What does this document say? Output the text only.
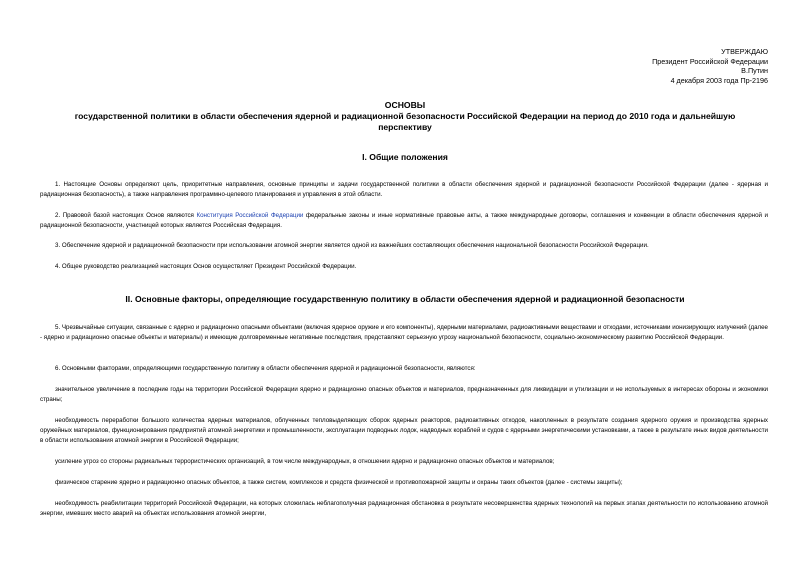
УТВЕРЖДАЮ
Президент Российской Федерации
В.Путин
4 декабря 2003 года Пр-2196
ОСНОВЫ
государственной политики в области обеспечения ядерной и радиационной безопасности Российской Федерации на период до 2010 года и дальнейшую перспективу
I. Общие положения
1. Настоящие Основы определяют цель, приоритетные направления, основные принципы и задачи государственной политики в области обеспечения ядерной и радиационной безопасности Российской Федерации (далее - ядерная и радиационная безопасность), а также направления программно-целевого планирования и управления в этой области.
2. Правовой базой настоящих Основ являются Конституция Российской Федерации федеральные законы и иные нормативные правовые акты, а также международные договоры, соглашения и конвенции в области обеспечения ядерной и радиационной безопасности, участницей которых является Российская Федерация.
3. Обеспечение ядерной и радиационной безопасности при использовании атомной энергии является одной из важнейших составляющих обеспечения национальной безопасности Российской Федерации.
4. Общее руководство реализацией настоящих Основ осуществляет Президент Российской Федерации.
II. Основные факторы, определяющие государственную политику в области обеспечения ядерной и радиационной безопасности
5. Чрезвычайные ситуации, связанные с ядерно и радиационно опасными объектами (включая ядерное оружие и его компоненты), ядерными материалами, радиоактивными веществами и отходами, источниками ионизирующих излучений (далее - ядерно и радиационно опасные объекты и материалы) и имеющие долговременные негативные последствия, представляют серьезную угрозу национальной безопасности, социально-экономическому развитию Российской Федерации.
6. Основными факторами, определяющими государственную политику в области обеспечения ядерной и радиационной безопасности, являются:
значительное увеличение в последние годы на территории Российской Федерации ядерно и радиационно опасных объектов и материалов, предназначенных для ликвидации и утилизации и не используемых в интересах обороны и экономики страны;
необходимость переработки большого количества ядерных материалов, облученных тепловыделяющих сборок ядерных реакторов, радиоактивных отходов, накопленных в результате создания ядерного оружия и производства ядерных оружейных материалов, функционирования предприятий атомной энергетики и промышленности, эксплуатации подводных лодок, надводных кораблей и судов с ядерными энергетическими установками, а также в результате иных видов деятельности в области использования атомной энергии в Российской Федерации;
усиление угроз со стороны радикальных террористических организаций, в том числе международных, в отношении ядерно и радиационно опасных объектов и материалов;
физическое старение ядерно и радиационно опасных объектов, а также систем, комплексов и средств физической и противопожарной защиты и охраны таких объектов (далее - системы защиты);
необходимость реабилитации территорий Российской Федерации, на которых сложилась неблагополучная радиационная обстановка в результате несовершенства ядерных технологий на первых этапах деятельности по использованию атомной энергии, имевших место аварий на объектах использования атомной энергии,
